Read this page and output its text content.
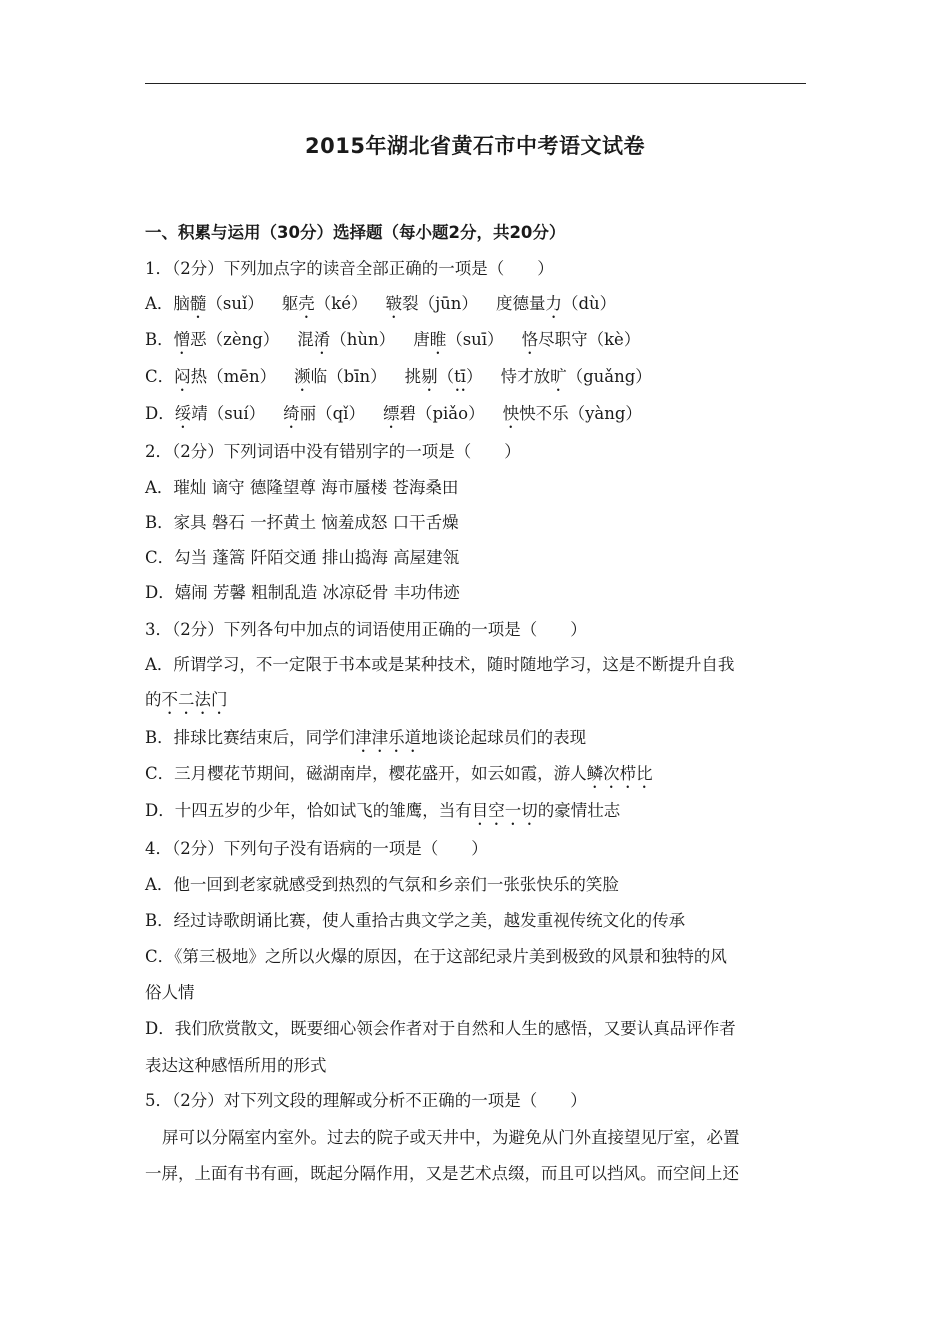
2015年湖北省黄石市中考语文试卷
一、积累与运用（30分）选择题（每小题2分，共20分）
1．（2分）下列加点字的读音全部正确的一项是（　　）
A．脑髓（suǐ） 躯壳（ké） 皲裂（jūn） 度德量力（dù）
B．憎恶（zèng） 混淆（hùn） 唐睢（suī） 恪尽职守（kè）
C．闷热（mēn） 濒临（bīn） 挑剔（tī） 恃才放旷（guǎng）
D．绥靖（suí） 绮丽（qǐ） 缥碧（piǎo） 怏怏不乐（yàng）
2．（2分）下列词语中没有错别字的一项是（　　）
A．璀灿 谪守 德隆望尊 海市蜃楼 苍海桑田
B．家具 磐石 一抔黄土 恼羞成怒 口干舌燥
C．勾当 蓬篙 阡陌交通 排山捣海 高屋建瓴
D．嬉闹 芳馨 粗制乱造 冰凉砭骨 丰功伟迹
3．（2分）下列各句中加点的词语使用正确的一项是（　　）
A．所谓学习，不一定限于书本或是某种技术，随时随地学习，这是不断提升自我
的不二法门
B．排球比赛结束后，同学们津津乐道地谈论起球员们的表现
C．三月樱花节期间，磁湖南岸，樱花盛开，如云如霞，游人鳞次栉比
D．十四五岁的少年，恰如试飞的雏鹰，当有目空一切的豪情壮志
4．（2分）下列句子没有语病的一项是（　　）
A．他一回到老家就感受到热烈的气氛和乡亲们一张张快乐的笑脸
B．经过诗歌朗诵比赛，使人重拾古典文学之美，越发重视传统文化的传承
C．《第三极地》之所以火爆的原因，在于这部纪录片美到极致的风景和独特的风
俗人情
D．我们欣赏散文，既要细心领会作者对于自然和人生的感悟，又要认真品评作者
表达这种感悟所用的形式
5．（2分）对下列文段的理解或分析不正确的一项是（　　）
屏可以分隔室内室外。过去的院子或天井中，为避免从门外直接望见厅室，必置
一屏，上面有书有画，既起分隔作用，又是艺术点缀，而且可以挡风。而空间上还
